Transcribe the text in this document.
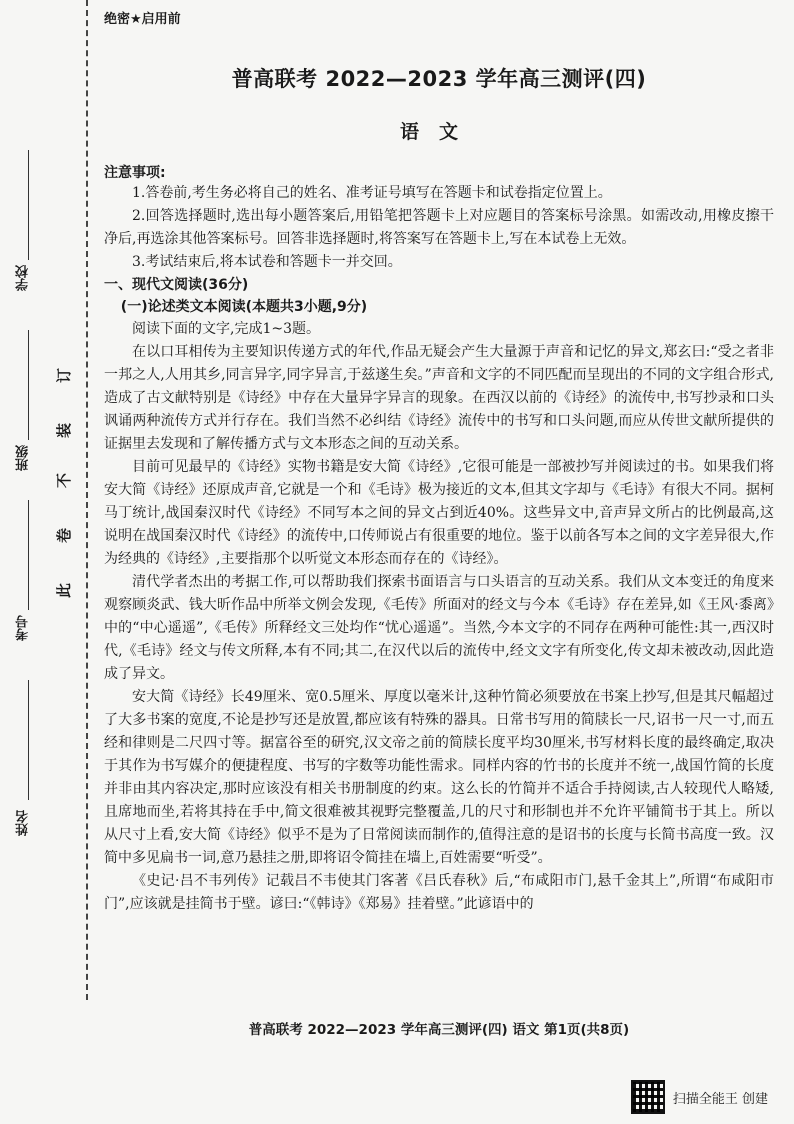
学校
班级
考号
姓名
订
装
不
卷
此
绝密★启用前
普高联考 2022—2023 学年高三测评(四)
语文
注意事项:

1.答卷前,考生务必将自己的姓名、准考证号填写在答题卡和试卷指定位置上。

2.回答选择题时,选出每小题答案后,用铅笔把答题卡上对应题目的答案标号涂黑。如需改动,用橡皮擦干净后,再选涂其他答案标号。回答非选择题时,将答案写在答题卡上,写在本试卷上无效。

3.考试结束后,将本试卷和答题卡一并交回。

一、现代文阅读(36分)
(一)论述类文本阅读(本题共3小题,9分)

阅读下面的文字,完成1~3题。

在以口耳相传为主要知识传递方式的年代,作品无疑会产生大量源于声音和记忆的异文,郑玄曰:“受之者非一邦之人,人用其乡,同言异字,同字异言,于兹遂生矣。”声音和文字的不同匹配而呈现出的不同的文字组合形式,造成了古文献特别是《诗经》中存在大量异字异言的现象。在西汉以前的《诗经》的流传中,书写抄录和口头讽诵两种流传方式并行存在。我们当然不必纠结《诗经》流传中的书写和口头问题,而应从传世文献所提供的证据里去发现和了解传播方式与文本形态之间的互动关系。

目前可见最早的《诗经》实物书籍是安大简《诗经》,它很可能是一部被抄写并阅读过的书。如果我们将安大简《诗经》还原成声音,它就是一个和《毛诗》极为接近的文本,但其文字却与《毛诗》有很大不同。据柯马丁统计,战国秦汉时代《诗经》不同写本之间的异文占到近40%。这些异文中,音声异文所占的比例最高,这说明在战国秦汉时代《诗经》的流传中,口传师说占有很重要的地位。鉴于以前各写本之间的文字差异很大,作为经典的《诗经》,主要指那个以听觉文本形态而存在的《诗经》。

清代学者杰出的考据工作,可以帮助我们探索书面语言与口头语言的互动关系。我们从文本变迁的角度来观察顾炎武、钱大昕作品中所举文例会发现,《毛传》所面对的经文与今本《毛诗》存在差异,如《王风·黍离》中的“中心遥遥”,《毛传》所释经文三处均作“忧心遥遥”。当然,今本文字的不同存在两种可能性:其一,西汉时代,《毛诗》经文与传文所释,本有不同;其二,在汉代以后的流传中,经文文字有所变化,传文却未被改动,因此造成了异文。

安大简《诗经》长49厘米、宽0.5厘米、厚度以毫米计,这种竹简必须要放在书案上抄写,但是其尺幅超过了大多书案的宽度,不论是抄写还是放置,都应该有特殊的器具。日常书写用的简牍长一尺,诏书一尺一寸,而五经和律则是二尺四寸等。据富谷至的研究,汉文帝之前的简牍长度平均30厘米,书写材料长度的最终确定,取决于其作为书写媒介的便捷程度、书写的字数等功能性需求。同样内容的竹书的长度并不统一,战国竹简的长度并非由其内容决定,那时应该没有相关书册制度的约束。这么长的竹简并不适合手持阅读,古人较现代人略矮,且席地而坐,若将其持在手中,简文很难被其视野完整覆盖,几的尺寸和形制也并不允许平铺简书于其上。所以从尺寸上看,安大简《诗经》似乎不是为了日常阅读而制作的,值得注意的是诏书的长度与长简书高度一致。汉简中多见扁书一词,意乃悬挂之册,即将诏令简挂在墙上,百姓需要“听受”。

《史记·吕不韦列传》记载吕不韦使其门客著《吕氏春秋》后,“布咸阳市门,悬千金其上”,所谓“布咸阳市门”,应该就是挂简书于壁。谚曰:“《韩诗》《郑易》挂着壁。”此谚语中的

普高联考 2022—2023 学年高三测评(四) 语文 第1页(共8页)
扫描全能王 创建
